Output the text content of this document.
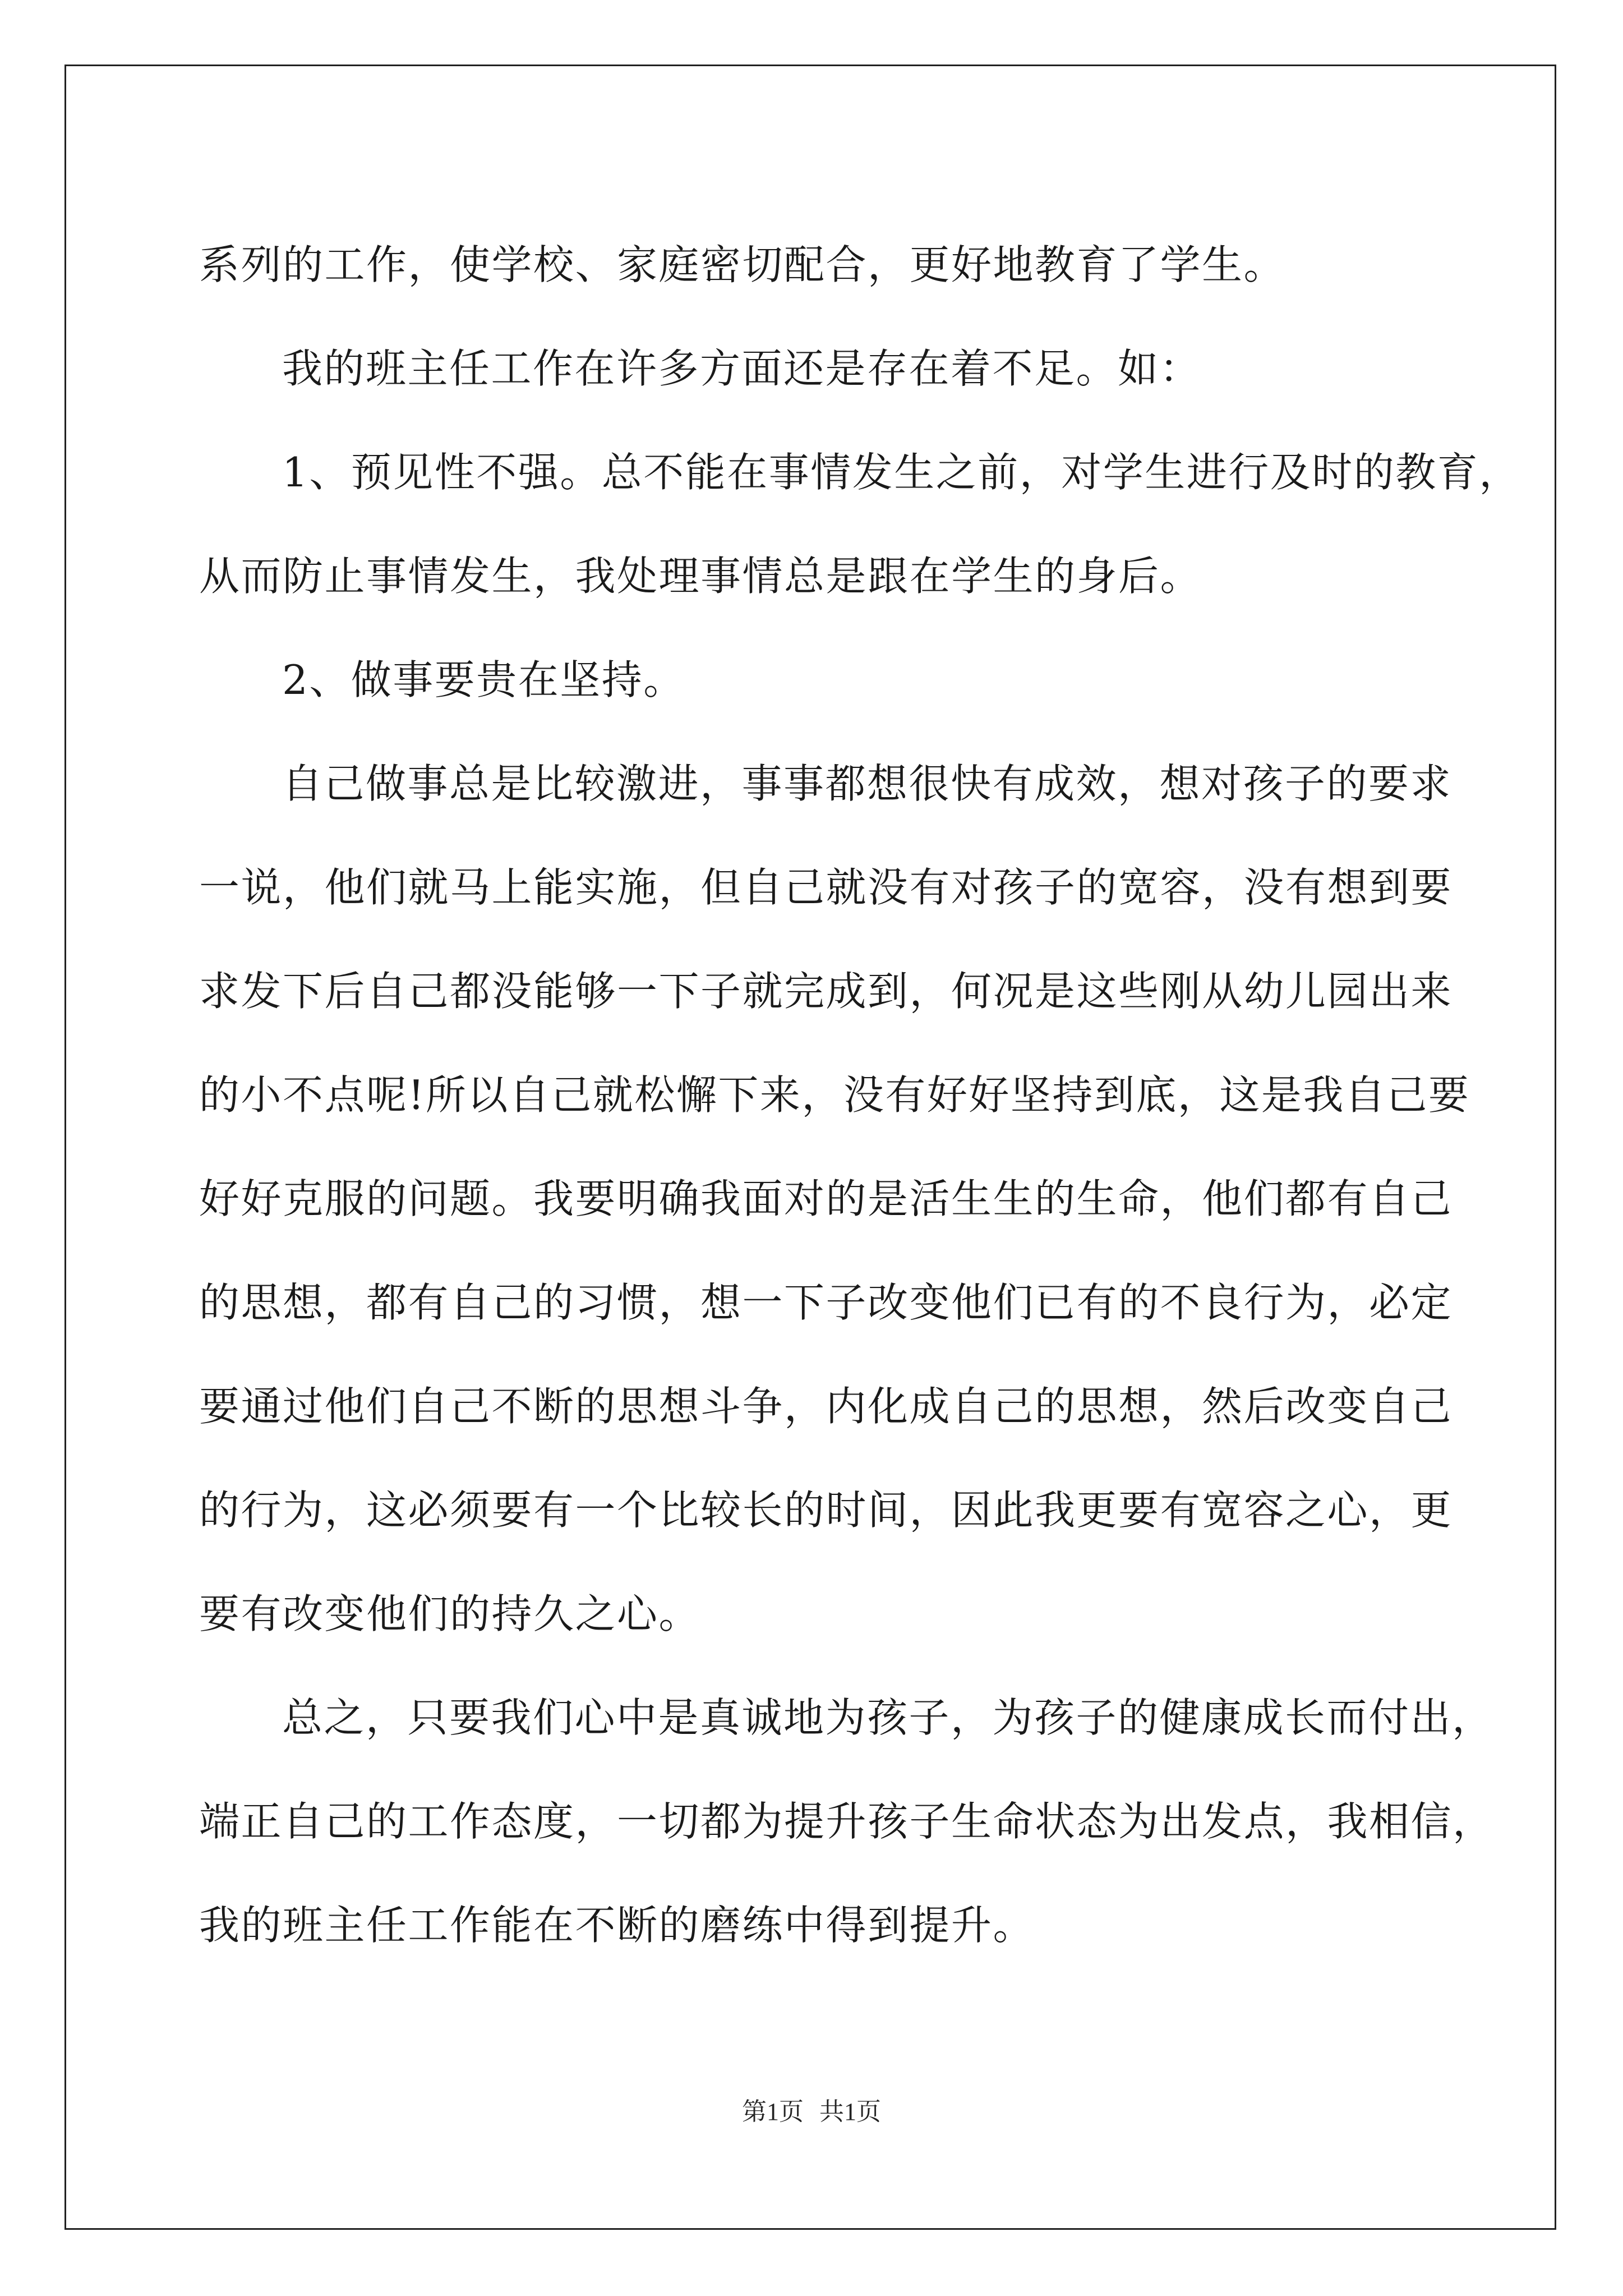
系列的工作，使学校、家庭密切配合，更好地教育了学生。
我的班主任工作在许多方面还是存在着不足。如：
1、预见性不强。总不能在事情发生之前，对学生进行及时的教育，
从而防止事情发生，我处理事情总是跟在学生的身后。
2、做事要贵在坚持。
自己做事总是比较激进，事事都想很快有成效，想对孩子的要求
一说，他们就马上能实施，但自己就没有对孩子的宽容，没有想到要
求发下后自己都没能够一下子就完成到，何况是这些刚从幼儿园出来
的小不点呢!所以自己就松懈下来，没有好好坚持到底，这是我自己要
好好克服的问题。我要明确我面对的是活生生的生命，他们都有自己
的思想，都有自己的习惯，想一下子改变他们已有的不良行为，必定
要通过他们自己不断的思想斗争，内化成自己的思想，然后改变自己
的行为，这必须要有一个比较长的时间，因此我更要有宽容之心，更
要有改变他们的持久之心。
总之，只要我们心中是真诚地为孩子，为孩子的健康成长而付出，
端正自己的工作态度，一切都为提升孩子生命状态为出发点，我相信，
我的班主任工作能在不断的磨练中得到提升。
第1页 共1页
